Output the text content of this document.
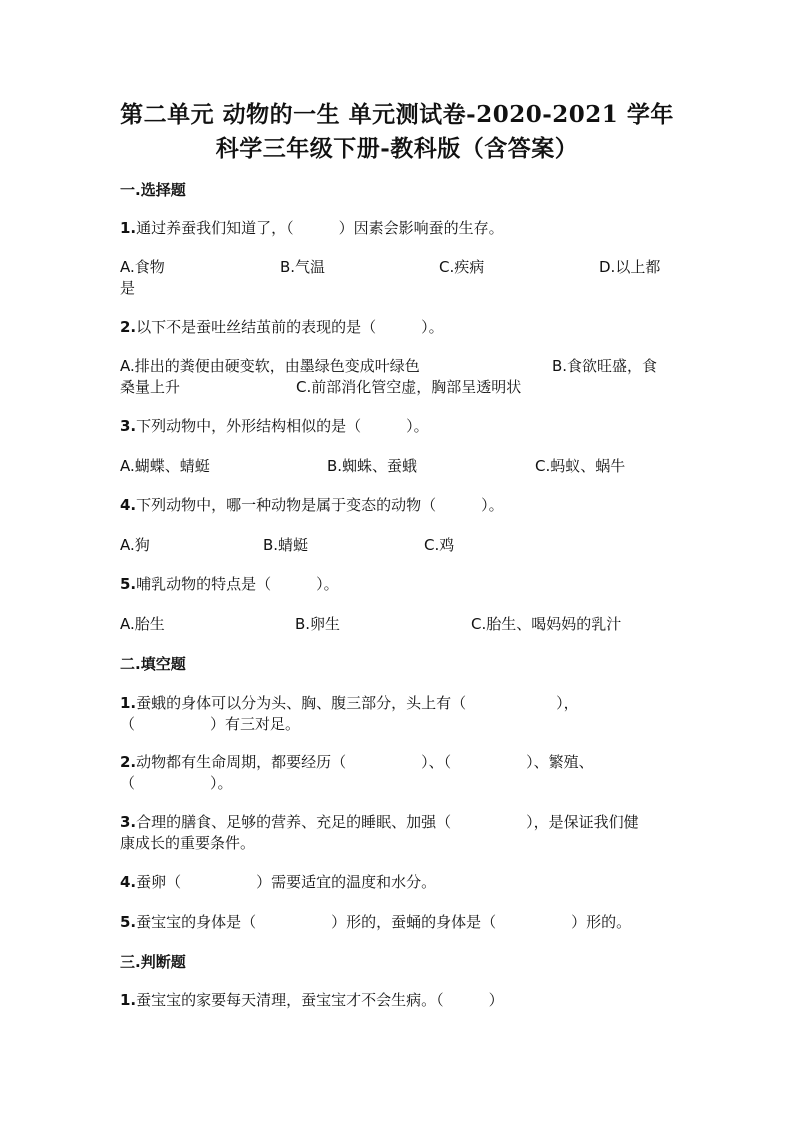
第二单元 动物的一生 单元测试卷-2020-2021 学年
科学三年级下册-教科版（含答案）
一.选择题
1.通过养蚕我们知道了，（　　　）因素会影响蚕的生存。
A.食物	B.气温	C.疾病	D.以上都
是
2.以下不是蚕吐丝结茧前的表现的是（　　　）。
A.排出的粪便由硬变软，由墨绿色变成叶绿色	B.食欲旺盛，食
桑量上升	C.前部消化管空虚，胸部呈透明状
3.下列动物中，外形结构相似的是（　　　）。
A.蝴蝶、蜻蜓	B.蜘蛛、蚕蛾	C.蚂蚁、蜗牛
4.下列动物中，哪一种动物是属于变态的动物（　　　）。
A.狗	B.蜻蜓	C.鸡
5.哺乳动物的特点是（　　　）。
A.胎生	B.卵生	C.胎生、喝妈妈的乳汁
二.填空题
1.蚕蛾的身体可以分为头、胸、腹三部分，头上有（　　　　　　），
（　　　　　）有三对足。
2.动物都有生命周期，都要经历（　　　　　）、（　　　　　）、繁殖、
（　　　　　）。
3.合理的膳食、足够的营养、充足的睡眠、加强（　　　　　），是保证我们健
康成长的重要条件。
4.蚕卵（　　　　　）需要适宜的温度和水分。
5.蚕宝宝的身体是（　　　　　）形的，蚕蛹的身体是（　　　　　）形的。
三.判断题
1.蚕宝宝的家要每天清理，蚕宝宝才不会生病。（　　　）
